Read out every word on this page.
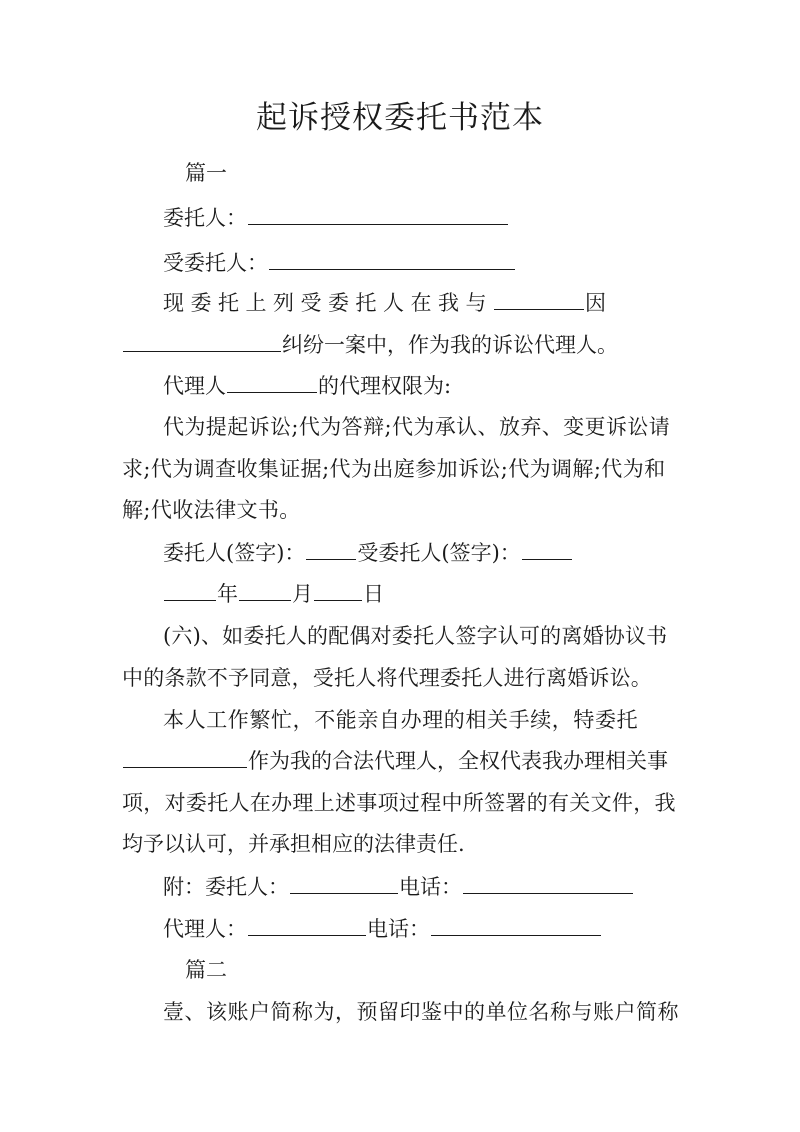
起诉授权委托书范本
篇一
委托人：
受委托人：
现委托上列受委托人在我与	因
纠纷一案中，作为我的诉讼代理人。
代理人	的代理权限为:
代为提起诉讼;代为答辩;代为承认、放弃、变更诉讼请
求;代为调查收集证据;代为出庭参加诉讼;代为调解;代为和
解;代收法律文书。
委托人(签字)： 受委托人(签字)：
年	月 日
(六)、如委托人的配偶对委托人签字认可的离婚协议书
中的条款不予同意，受托人将代理委托人进行离婚诉讼。
本人工作繁忙，不能亲自办理的相关手续，特委托
作为我的合法代理人，全权代表我办理相关事
项，对委托人在办理上述事项过程中所签署的有关文件，我
均予以认可，并承担相应的法律责任.
附：委托人：	电话：
代理人：	电话：
篇二
壹、该账户简称为，预留印鉴中的单位名称与账户简称
